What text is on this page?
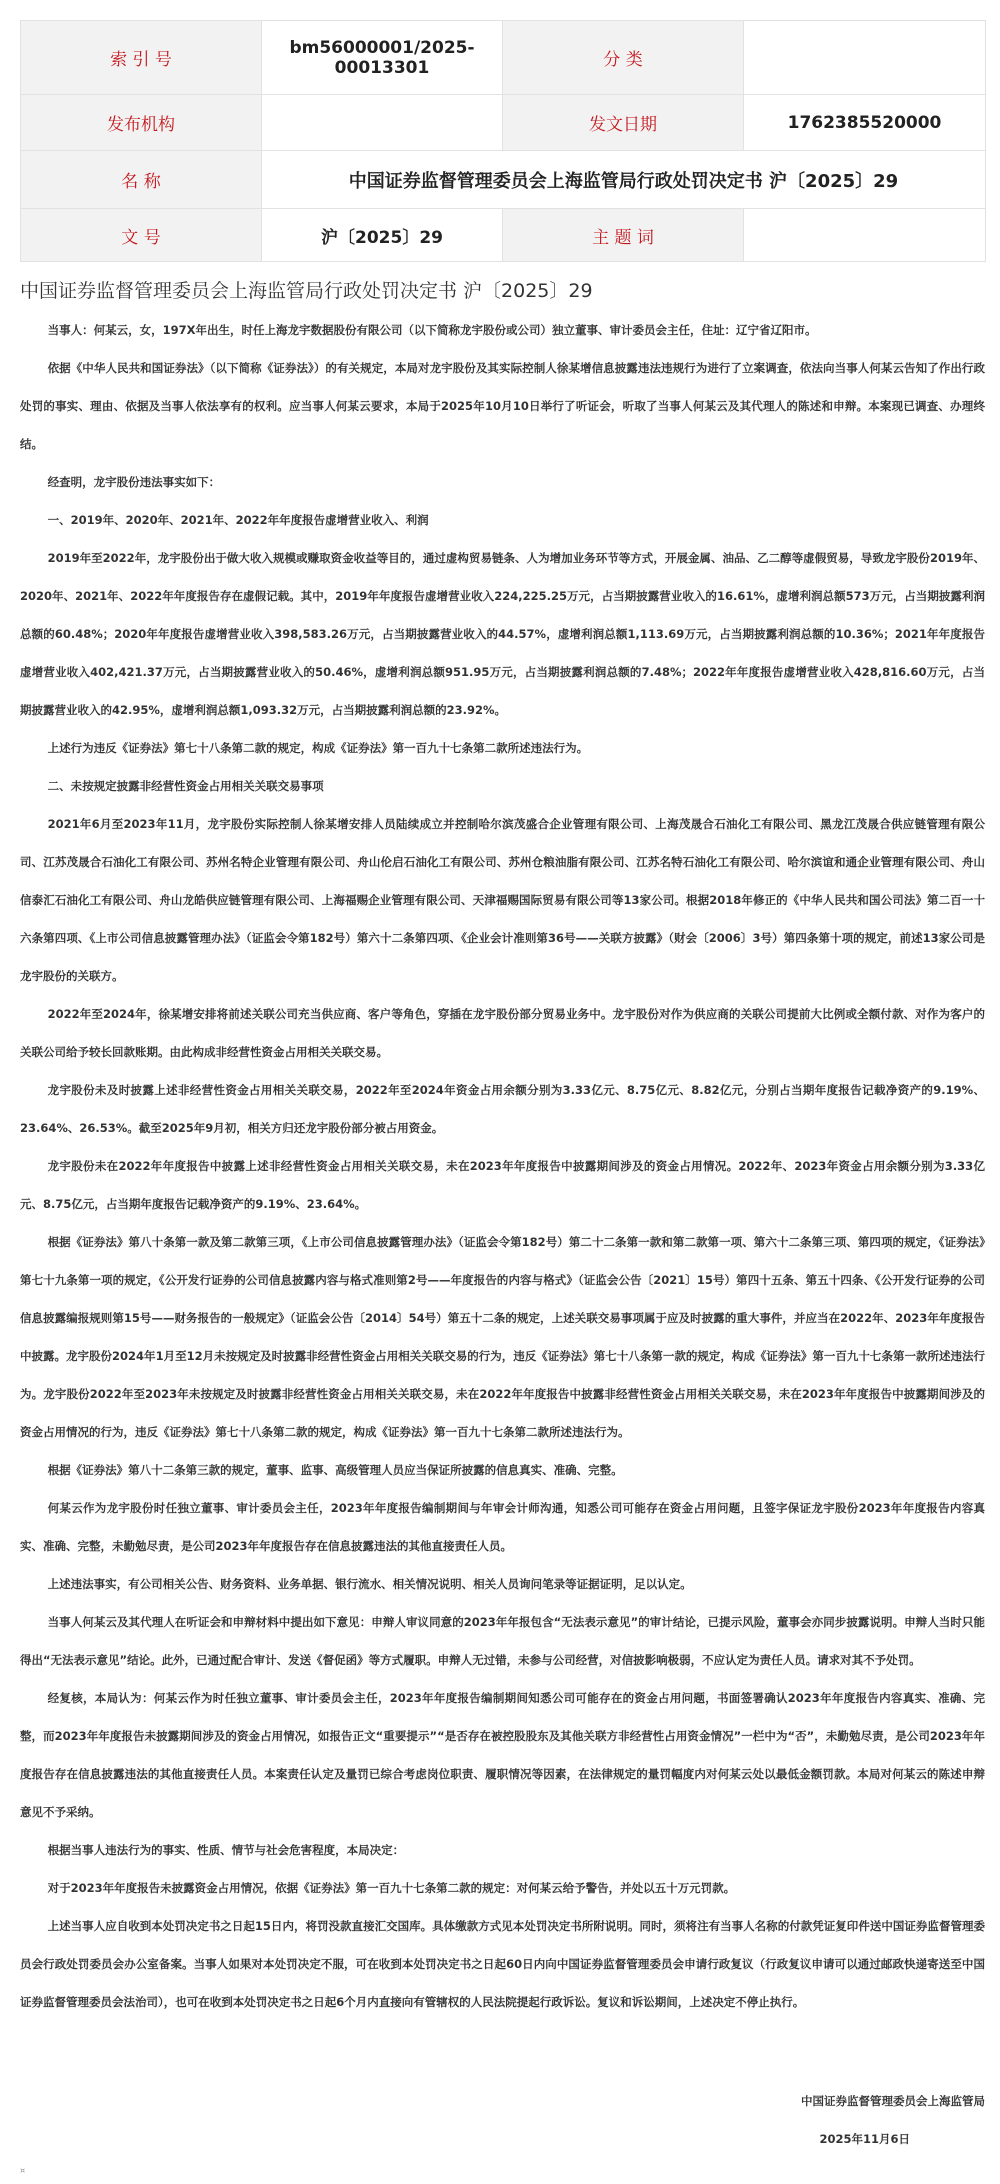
索 引 号	bm56000001/2025-00013301	分 类	
发布机构		发文日期	1762385520000
名 称	中国证券监督管理委员会上海监管局行政处罚决定书 沪〔2025〕29		
文 号	沪〔2025〕29	主 题 词	
中国证券监督管理委员会上海监管局行政处罚决定书 沪〔2025〕29

当事人：何某云，女，197X年出生，时任上海龙宇数据股份有限公司（以下简称龙宇股份或公司）独立董事、审计委员会主任，住址：辽宁省辽阳市。

依据《中华人民共和国证券法》（以下简称《证券法》）的有关规定，本局对龙宇股份及其实际控制人徐某增信息披露违法违规行为进行了立案调查，依法向当事人何某云告知了作出行政处罚的事实、理由、依据及当事人依法享有的权利。应当事人何某云要求，本局于2025年10月10日举行了听证会，听取了当事人何某云及其代理人的陈述和申辩。本案现已调查、办理终结。

经查明，龙宇股份违法事实如下：

一、2019年、2020年、2021年、2022年年度报告虚增营业收入、利润

2019年至2022年，龙宇股份出于做大收入规模或赚取资金收益等目的，通过虚构贸易链条、人为增加业务环节等方式，开展金属、油品、乙二醇等虚假贸易，导致龙宇股份2019年、2020年、2021年、2022年年度报告存在虚假记载。其中，2019年年度报告虚增营业收入224,225.25万元，占当期披露营业收入的16.61%，虚增利润总额573万元，占当期披露利润总额的60.48%；2020年年度报告虚增营业收入398,583.26万元，占当期披露营业收入的44.57%，虚增利润总额1,113.69万元，占当期披露利润总额的10.36%；2021年年度报告虚增营业收入402,421.37万元，占当期披露营业收入的50.46%，虚增利润总额951.95万元，占当期披露利润总额的7.48%；2022年年度报告虚增营业收入428,816.60万元，占当期披露营业收入的42.95%，虚增利润总额1,093.32万元，占当期披露利润总额的23.92%。

上述行为违反《证券法》第七十八条第二款的规定，构成《证券法》第一百九十七条第二款所述违法行为。

二、未按规定披露非经营性资金占用相关关联交易事项

2021年6月至2023年11月，龙宇股份实际控制人徐某增安排人员陆续成立并控制哈尔滨茂盛合企业管理有限公司、上海茂晟合石油化工有限公司、黑龙江茂晟合供应链管理有限公司、江苏茂晟合石油化工有限公司、苏州名特企业管理有限公司、舟山伦启石油化工有限公司、苏州仓粮油脂有限公司、江苏名特石油化工有限公司、哈尔滨谊和通企业管理有限公司、舟山信泰汇石油化工有限公司、舟山龙皓供应链管理有限公司、上海福赐企业管理有限公司、天津福赐国际贸易有限公司等13家公司。根据2018年修正的《中华人民共和国公司法》第二百一十六条第四项、《上市公司信息披露管理办法》（证监会令第182号）第六十二条第四项、《企业会计准则第36号——关联方披露》（财会〔2006〕3号）第四条第十项的规定，前述13家公司是龙宇股份的关联方。

2022年至2024年，徐某增安排将前述关联公司充当供应商、客户等角色，穿插在龙宇股份部分贸易业务中。龙宇股份对作为供应商的关联公司提前大比例或全额付款、对作为客户的关联公司给予较长回款账期。由此构成非经营性资金占用相关关联交易。

龙宇股份未及时披露上述非经营性资金占用相关关联交易，2022年至2024年资金占用余额分别为3.33亿元、8.75亿元、8.82亿元，分别占当期年度报告记载净资产的9.19%、23.64%、26.53%。截至2025年9月初，相关方归还龙宇股份部分被占用资金。

龙宇股份未在2022年年度报告中披露上述非经营性资金占用相关关联交易，未在2023年年度报告中披露期间涉及的资金占用情况。2022年、2023年资金占用余额分别为3.33亿元、8.75亿元，占当期年度报告记载净资产的9.19%、23.64%。

根据《证券法》第八十条第一款及第二款第三项，《上市公司信息披露管理办法》（证监会令第182号）第二十二条第一款和第二款第一项、第六十二条第三项、第四项的规定，《证券法》第七十九条第一项的规定，《公开发行证券的公司信息披露内容与格式准则第2号——年度报告的内容与格式》（证监会公告〔2021〕15号）第四十五条、第五十四条、《公开发行证券的公司信息披露编报规则第15号——财务报告的一般规定》（证监会公告〔2014〕54号）第五十二条的规定，上述关联交易事项属于应及时披露的重大事件，并应当在2022年、2023年年度报告中披露。龙宇股份2024年1月至12月未按规定及时披露非经营性资金占用相关关联交易的行为，违反《证券法》第七十八条第一款的规定，构成《证券法》第一百九十七条第一款所述违法行为。龙宇股份2022年至2023年未按规定及时披露非经营性资金占用相关关联交易，未在2022年年度报告中披露非经营性资金占用相关关联交易，未在2023年年度报告中披露期间涉及的资金占用情况的行为，违反《证券法》第七十八条第二款的规定，构成《证券法》第一百九十七条第二款所述违法行为。

根据《证券法》第八十二条第三款的规定，董事、监事、高级管理人员应当保证所披露的信息真实、准确、完整。

何某云作为龙宇股份时任独立董事、审计委员会主任，2023年年度报告编制期间与年审会计师沟通，知悉公司可能存在资金占用问题，且签字保证龙宇股份2023年年度报告内容真实、准确、完整，未勤勉尽责，是公司2023年年度报告存在信息披露违法的其他直接责任人员。

上述违法事实，有公司相关公告、财务资料、业务单据、银行流水、相关情况说明、相关人员询问笔录等证据证明，足以认定。

当事人何某云及其代理人在听证会和申辩材料中提出如下意见：申辩人审议同意的2023年年报包含“无法表示意见”的审计结论，已提示风险，董事会亦同步披露说明。申辩人当时只能得出“无法表示意见”结论。此外，已通过配合审计、发送《督促函》等方式履职。申辩人无过错，未参与公司经营，对信披影响极弱，不应认定为责任人员。请求对其不予处罚。

经复核，本局认为：何某云作为时任独立董事、审计委员会主任，2023年年度报告编制期间知悉公司可能存在的资金占用问题，书面签署确认2023年年度报告内容真实、准确、完整，而2023年年度报告未披露期间涉及的资金占用情况，如报告正文“重要提示”“是否存在被控股股东及其他关联方非经营性占用资金情况”一栏中为“否”，未勤勉尽责，是公司2023年年度报告存在信息披露违法的其他直接责任人员。本案责任认定及量罚已综合考虑岗位职责、履职情况等因素，在法律规定的量罚幅度内对何某云处以最低金额罚款。本局对何某云的陈述申辩意见不予采纳。

根据当事人违法行为的事实、性质、情节与社会危害程度，本局决定：

对于2023年年度报告未披露资金占用情况，依据《证券法》第一百九十七条第二款的规定：对何某云给予警告，并处以五十万元罚款。

上述当事人应自收到本处罚决定书之日起15日内，将罚没款直接汇交国库。具体缴款方式见本处罚决定书所附说明。同时，须将注有当事人名称的付款凭证复印件送中国证券监督管理委员会行政处罚委员会办公室备案。当事人如果对本处罚决定不服，可在收到本处罚决定书之日起60日内向中国证券监督管理委员会申请行政复议（行政复议申请可以通过邮政快递寄送至中国证券监督管理委员会法治司），也可在收到本处罚决定书之日起6个月内直接向有管辖权的人民法院提起行政诉讼。复议和诉讼期间，上述决定不停止执行。

中国证券监督管理委员会上海监管局
2025年11月6日
¤
